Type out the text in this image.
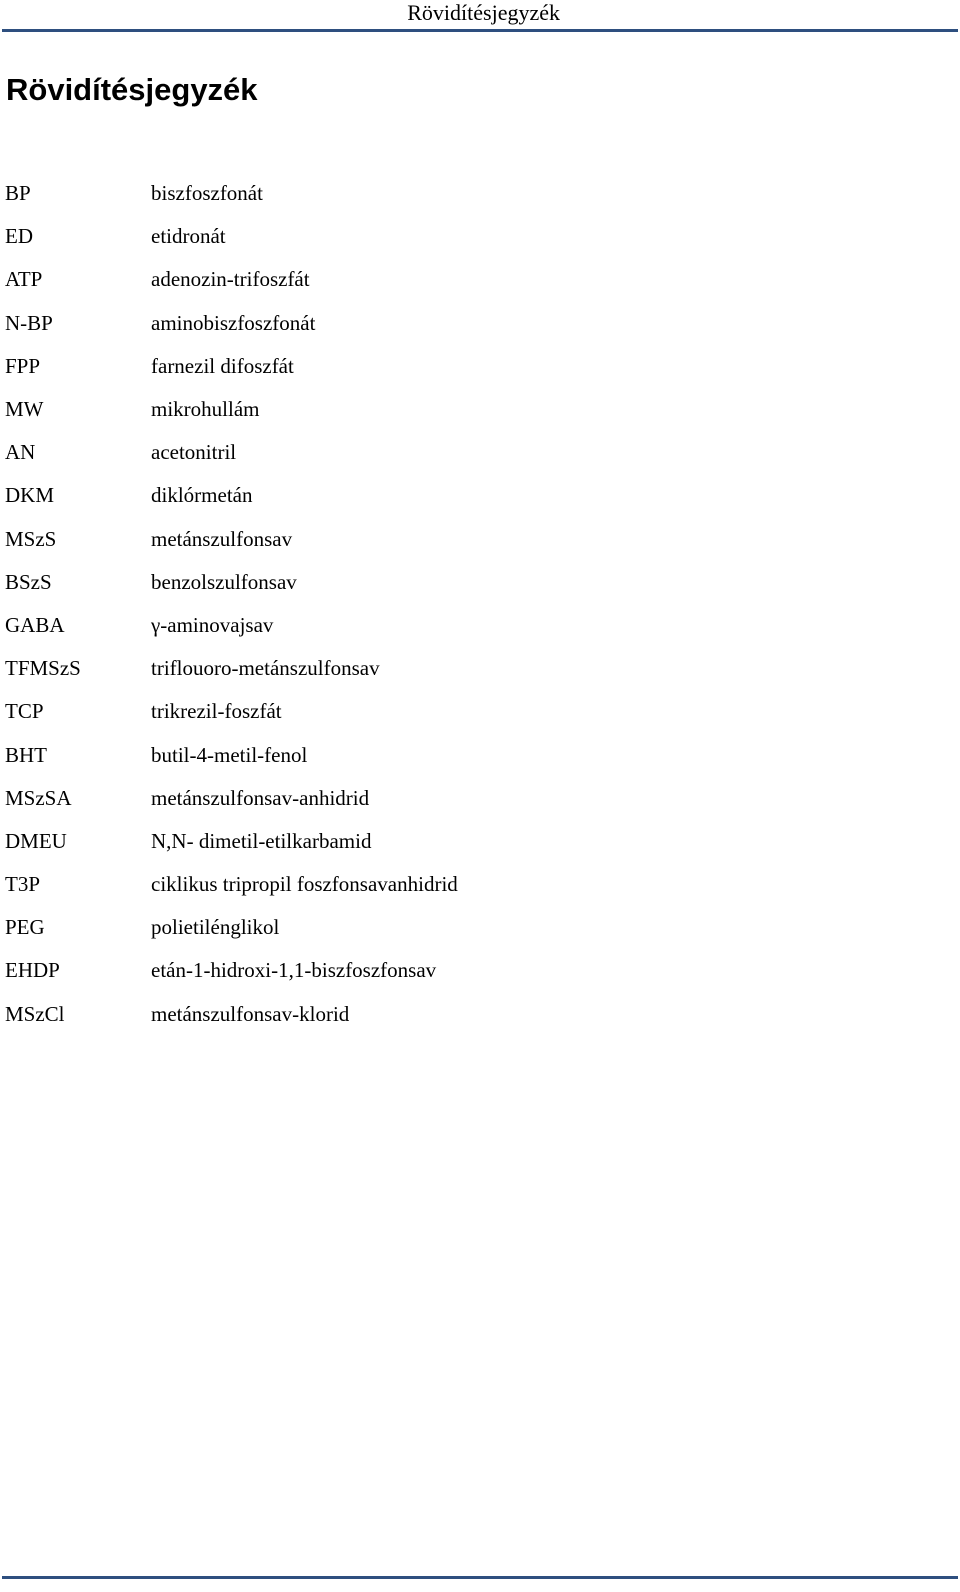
Rövidítésjegyzék
Rövidítésjegyzék
BP	biszfoszfonát
ED	etidronát
ATP	adenozin-trifoszfát
N-BP	aminobiszfoszfonát
FPP	farnezil difoszfát
MW	mikrohullám
AN	acetonitril
DKM	diklórmetán
MSzS	metánszulfonsav
BSzS	benzolszulfonsav
GABA	γ-aminovajsav
TFMSzS	triflouoro-metánszulfonsav
TCP	trikrezil-foszfát
BHT	butil-4-metil-fenol
MSzSA	metánszulfonsav-anhidrid
DMEU	N,N- dimetil-etilkarbamid
T3P	ciklikus tripropil foszfonsavanhidrid
PEG	polietilénglikol
EHDP	etán-1-hidroxi-1,1-biszfoszfonsav
MSzCl	metánszulfonsav-klorid
